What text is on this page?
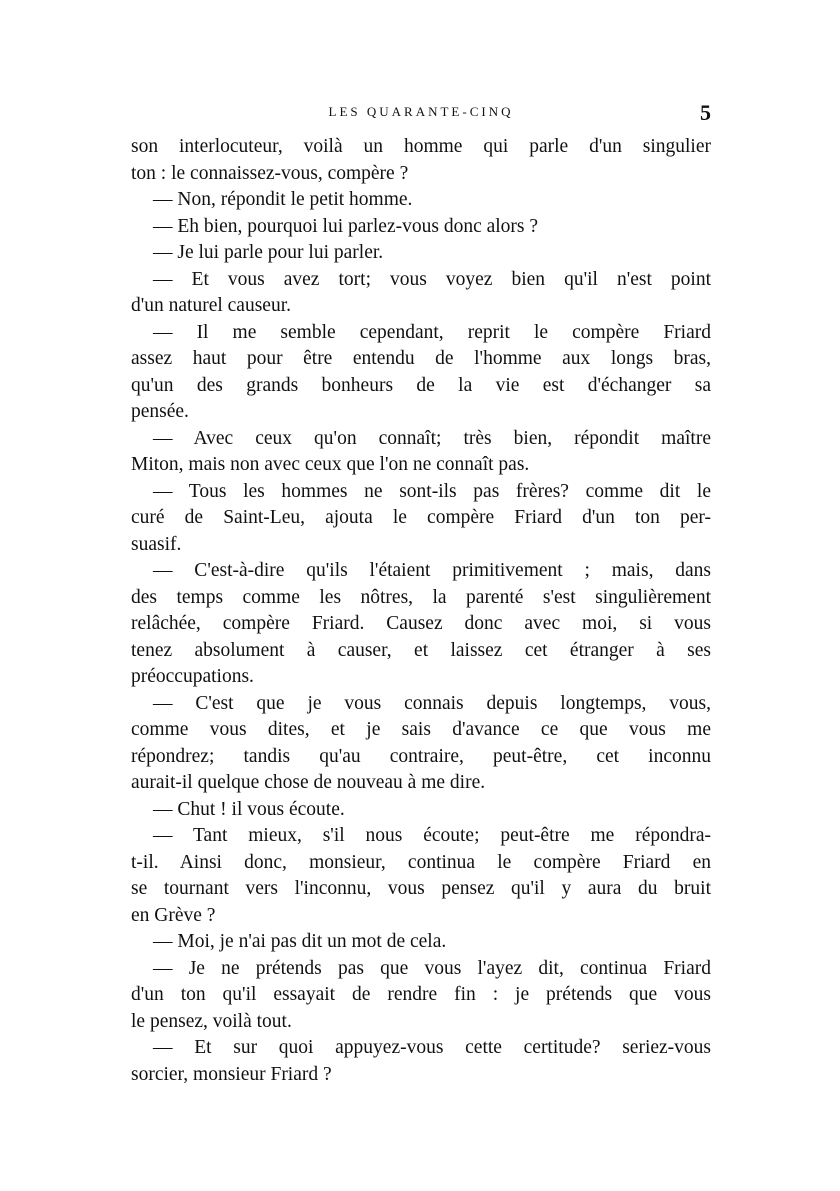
LES QUARANTE-CINQ	5
son interlocuteur, voilà un homme qui parle d'un singulier
ton : le connaissez-vous, compère ?
— Non, répondit le petit homme.
— Eh bien, pourquoi lui parlez-vous donc alors ?
— Je lui parle pour lui parler.
— Et vous avez tort; vous voyez bien qu'il n'est point
d'un naturel causeur.
— Il me semble cependant, reprit le compère Friard
assez haut pour être entendu de l'homme aux longs bras,
qu'un des grands bonheurs de la vie est d'échanger sa
pensée.
— Avec ceux qu'on connaît; très bien, répondit maître
Miton, mais non avec ceux que l'on ne connaît pas.
— Tous les hommes ne sont-ils pas frères? comme dit le
curé de Saint-Leu, ajouta le compère Friard d'un ton per-
suasif.
— C'est-à-dire qu'ils l'étaient primitivement ; mais, dans
des temps comme les nôtres, la parenté s'est singulièrement
relâchée, compère Friard. Causez donc avec moi, si vous
tenez absolument à causer, et laissez cet étranger à ses
préoccupations.
— C'est que je vous connais depuis longtemps, vous,
comme vous dites, et je sais d'avance ce que vous me
répondrez; tandis qu'au contraire, peut-être, cet inconnu
aurait-il quelque chose de nouveau à me dire.
— Chut ! il vous écoute.
— Tant mieux, s'il nous écoute; peut-être me répondra-
t-il. Ainsi donc, monsieur, continua le compère Friard en
se tournant vers l'inconnu, vous pensez qu'il y aura du bruit
en Grève ?
— Moi, je n'ai pas dit un mot de cela.
— Je ne prétends pas que vous l'ayez dit, continua Friard
d'un ton qu'il essayait de rendre fin : je prétends que vous
le pensez, voilà tout.
— Et sur quoi appuyez-vous cette certitude? seriez-vous
sorcier, monsieur Friard ?
